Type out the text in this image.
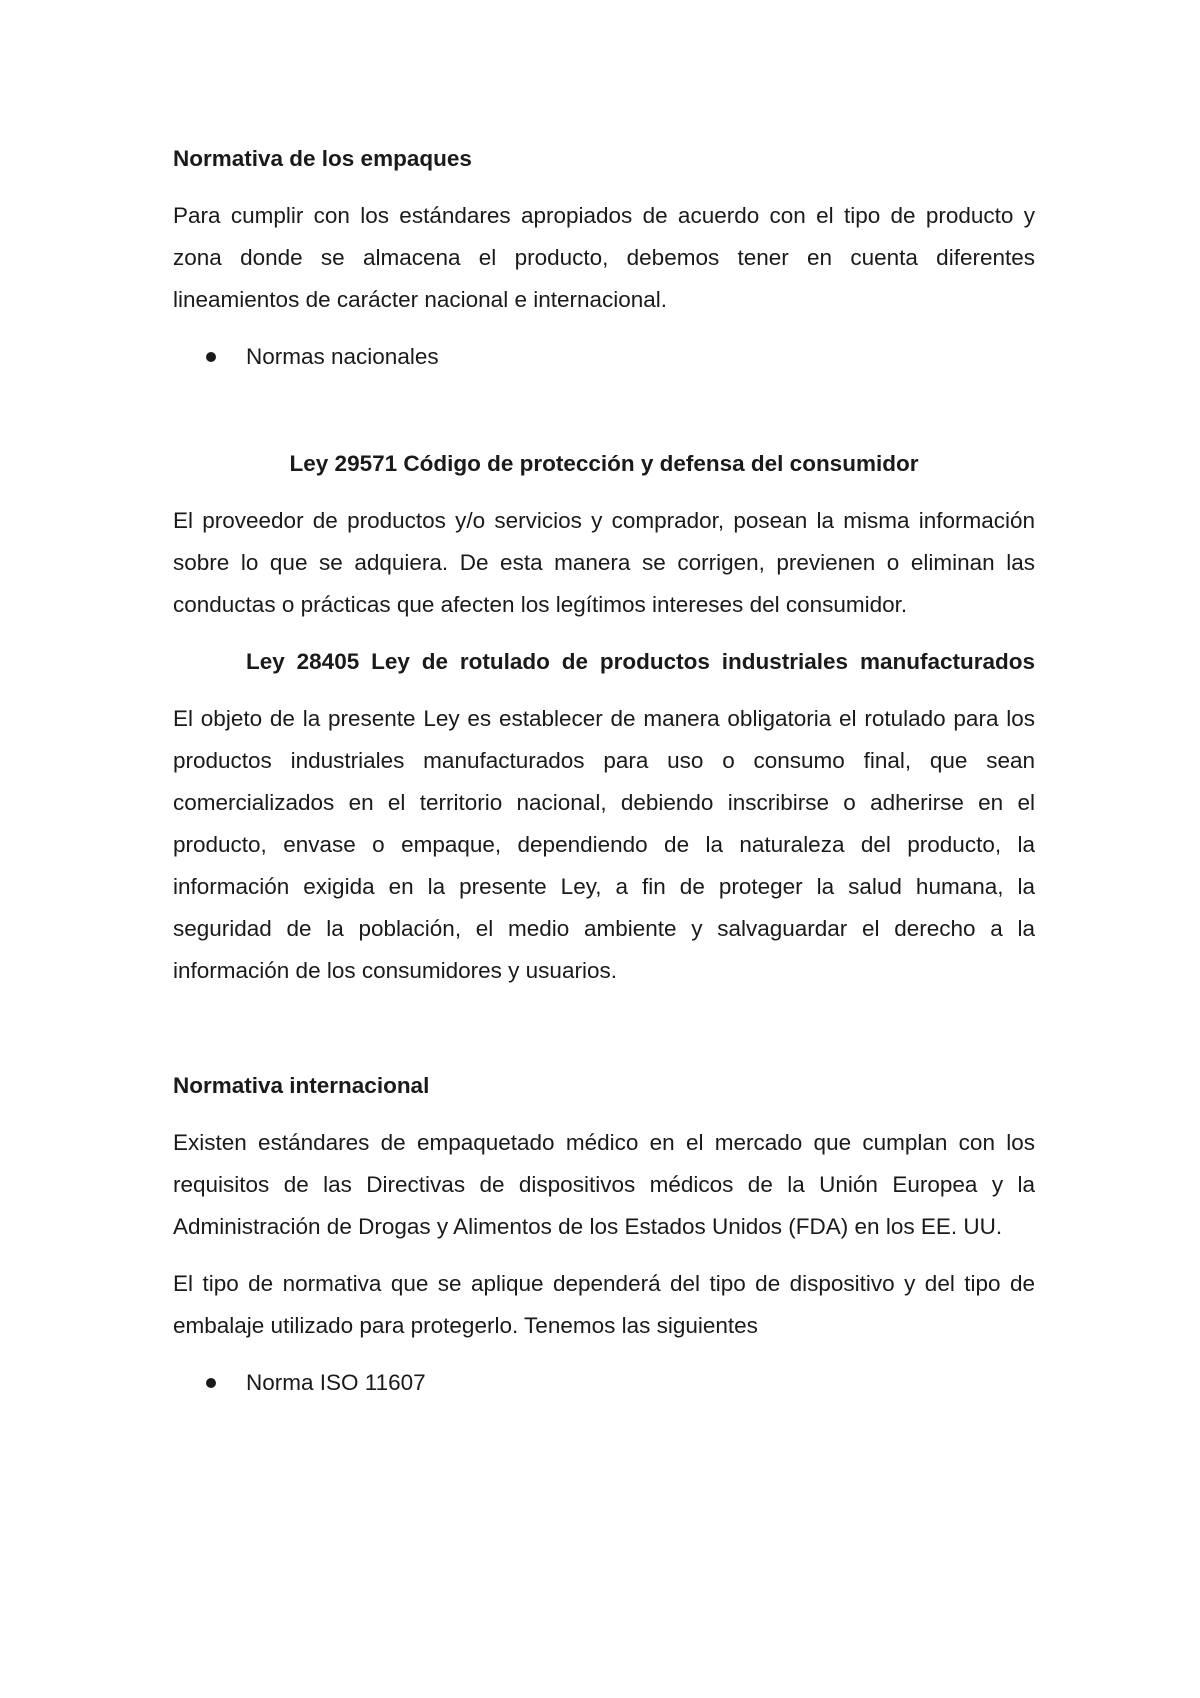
Normativa de los empaques

Para cumplir con los estándares apropiados de acuerdo con el tipo de producto y zona donde se almacena el producto, debemos tener en cuenta diferentes lineamientos de carácter nacional e internacional.

Normas nacionales

Ley 29571 Código de protección y defensa del consumidor

El proveedor de productos y/o servicios y comprador, posean la misma información sobre lo que se adquiera. De esta manera se corrigen, previenen o eliminan las conductas o prácticas que afecten los legítimos intereses del consumidor.

Ley 28405 Ley de rotulado de productos industriales manufacturados

El objeto de la presente Ley es establecer de manera obligatoria el rotulado para los productos industriales manufacturados para uso o consumo final, que sean comercializados en el territorio nacional, debiendo inscribirse o adherirse en el producto, envase o empaque, dependiendo de la naturaleza del producto, la información exigida en la presente Ley, a fin de proteger la salud humana, la seguridad de la población, el medio ambiente y salvaguardar el derecho a la información de los consumidores y usuarios.

Normativa internacional

Existen estándares de empaquetado médico en el mercado que cumplan con los requisitos de las Directivas de dispositivos médicos de la Unión Europea y la Administración de Drogas y Alimentos de los Estados Unidos (FDA) en los EE. UU.

El tipo de normativa que se aplique dependerá del tipo de dispositivo y del tipo de embalaje utilizado para protegerlo. Tenemos las siguientes

Norma ISO 11607
